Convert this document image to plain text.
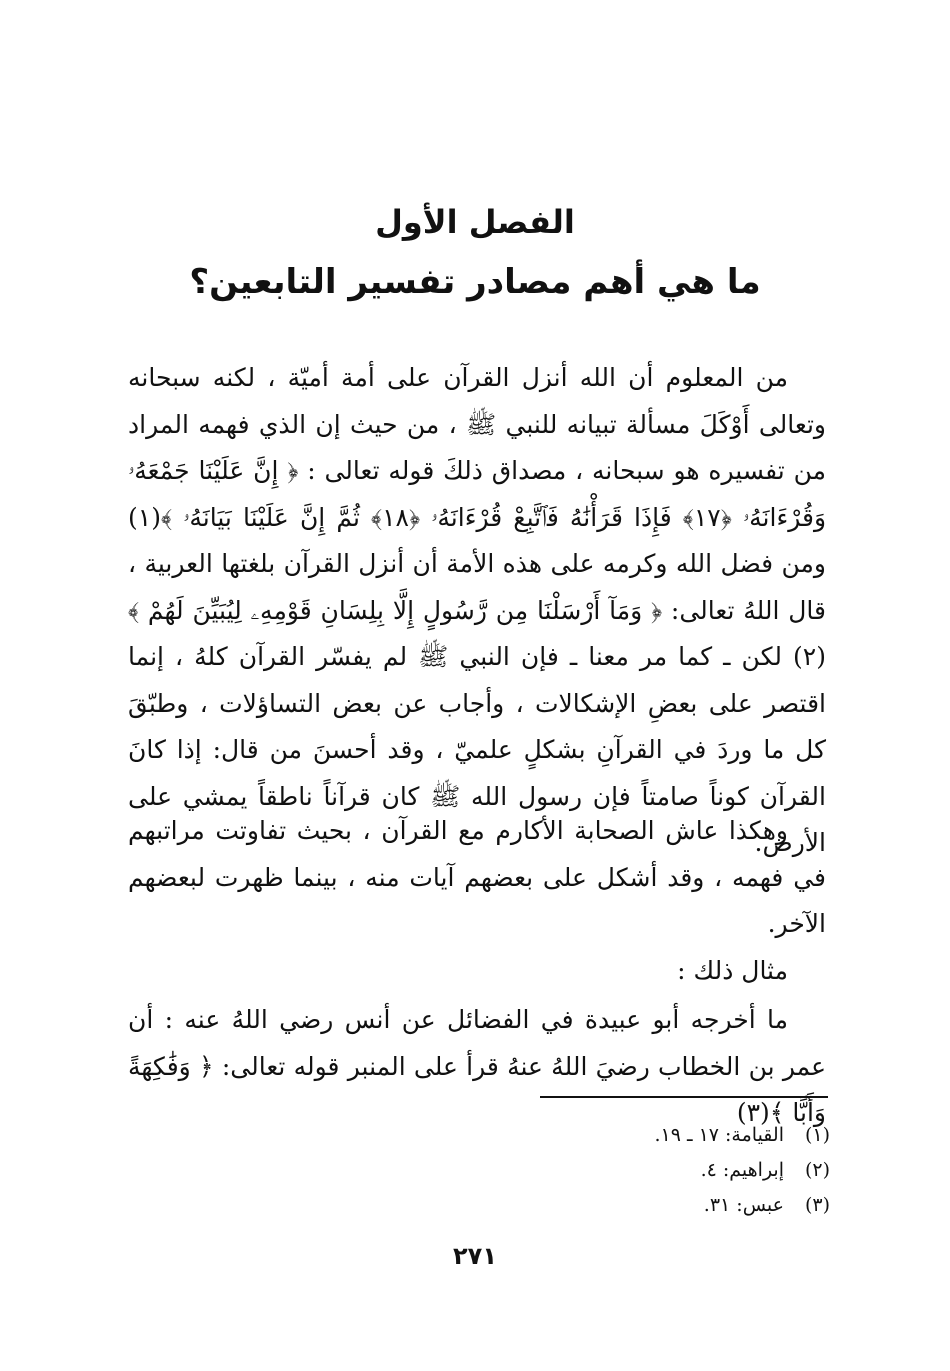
الفصل الأول
ما هي أهم مصادر تفسير التابعين؟

من المعلوم أن الله أنزل القرآن على أمة أميّة ، لكنه سبحانه وتعالى أَوْكَلَ مسألة تبيانه للنبي ﷺ ، من حيث إن الذي فهمه المراد من تفسيره هو سبحانه ، مصداق ذلكَ قوله تعالى : ﴿ إِنَّ عَلَيْنَا جَمْعَهُۥ وَقُرْءَانَهُۥ ﴿١٧﴾ فَإِذَا قَرَأْنَٰهُ فَٱتَّبِعْ قُرْءَانَهُۥ ﴿١٨﴾ ثُمَّ إِنَّ عَلَيْنَا بَيَانَهُۥ ﴾(١) ومن فضل الله وكرمه على هذه الأمة أن أنزل القرآن بلغتها العربية ، قال اللهُ تعالى: ﴿ وَمَآ أَرْسَلْنَا مِن رَّسُولٍ إِلَّا بِلِسَانِ قَوْمِهِۦ لِيُبَيِّنَ لَهُمْ ﴾(٢) لكن ـ كما مر معنا ـ فإن النبي ﷺ لم يفسّر القرآن كلهُ ، إنما اقتصر على بعضِ الإشكالات ، وأجاب عن بعض التساؤلات ، وطبّقَ كل ما وردَ في القرآنِ بشكلٍ علميّ ، وقد أحسنَ من قال: إذا كانَ القرآن كوناً صامتاً فإن رسول الله ﷺ كان قرآناً ناطقاً يمشي على الأرض.

وهكذا عاش الصحابة الأكارم مع القرآن ، بحيث تفاوتت مراتبهم في فهمه ، وقد أشكل على بعضهم آيات منه ، بينما ظهرت لبعضهم الآخر.

مثال ذلك :

ما أخرجه أبو عبيدة في الفضائل عن أنس رضي اللهُ عنه : أن عمر بن الخطاب رضيَ اللهُ عنهُ قرأ على المنبر قوله تعالى: ﴿ وَفَٰكِهَةً وَأَبًّا ﴾(٣)

(١)القيامة: ١٧ ـ ١٩.
(٢)إبراهيم: ٤.
(٣)عبس: ٣١.
٢٧١
